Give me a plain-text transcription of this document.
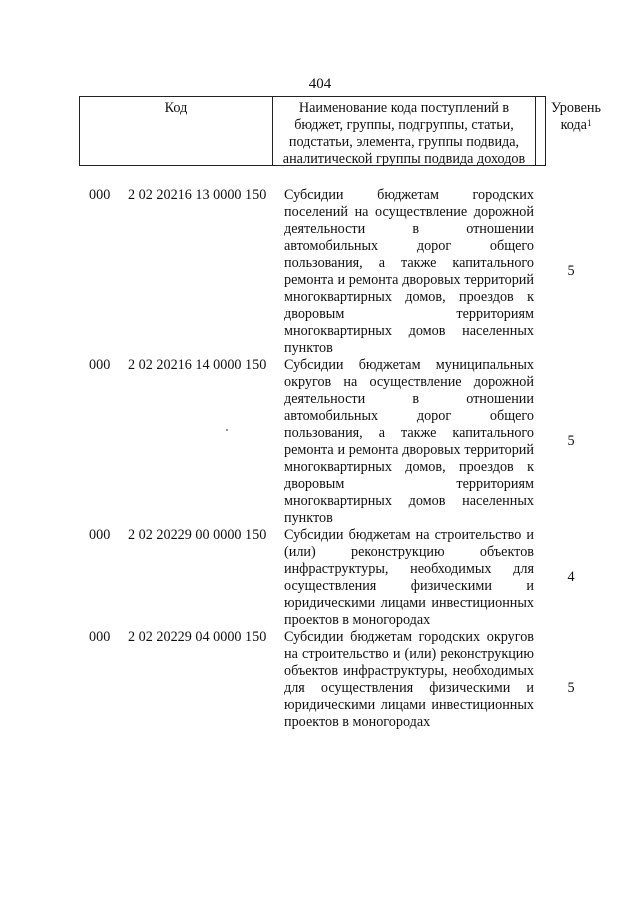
404
Код	Наименование кода поступлений в бюджет, группы, подгруппы, статьи, подстатьи, элемента, группы подвида, аналитической группы подвида доходов
Уровень кода$^1$
000 2 02 20216 13 0000 150 Субсидии бюджетам городских поселений на осуществление дорожной деятельности в отношении автомобильных дорог общего пользования, а также капитального ремонта и ремонта дворовых территорий многоквартирных домов, проездов к дворовым территориям многоквартирных домов населенных пунктов
5
000 2 02 20216 14 0000 150 Субсидии бюджетам муниципальных округов на осуществление дорожной деятельности в отношении автомобильных дорог общего пользования, а также капитального ремонта и ремонта дворовых территорий многоквартирных домов, проездов к дворовым территориям многоквартирных домов населенных пунктов
5
000 2 02 20229 00 0000 150 Субсидии бюджетам на строительство и (или) реконструкцию объектов инфраструктуры, необходимых для осуществления физическими и юридическими лицами инвестиционных проектов в моногородах
4
000 2 02 20229 04 0000 150 Субсидии бюджетам городских округов на строительство и (или) реконструкцию объектов инфраструктуры, необходимых для осуществления физическими и юридическими лицами инвестиционных проектов в моногородах
5
